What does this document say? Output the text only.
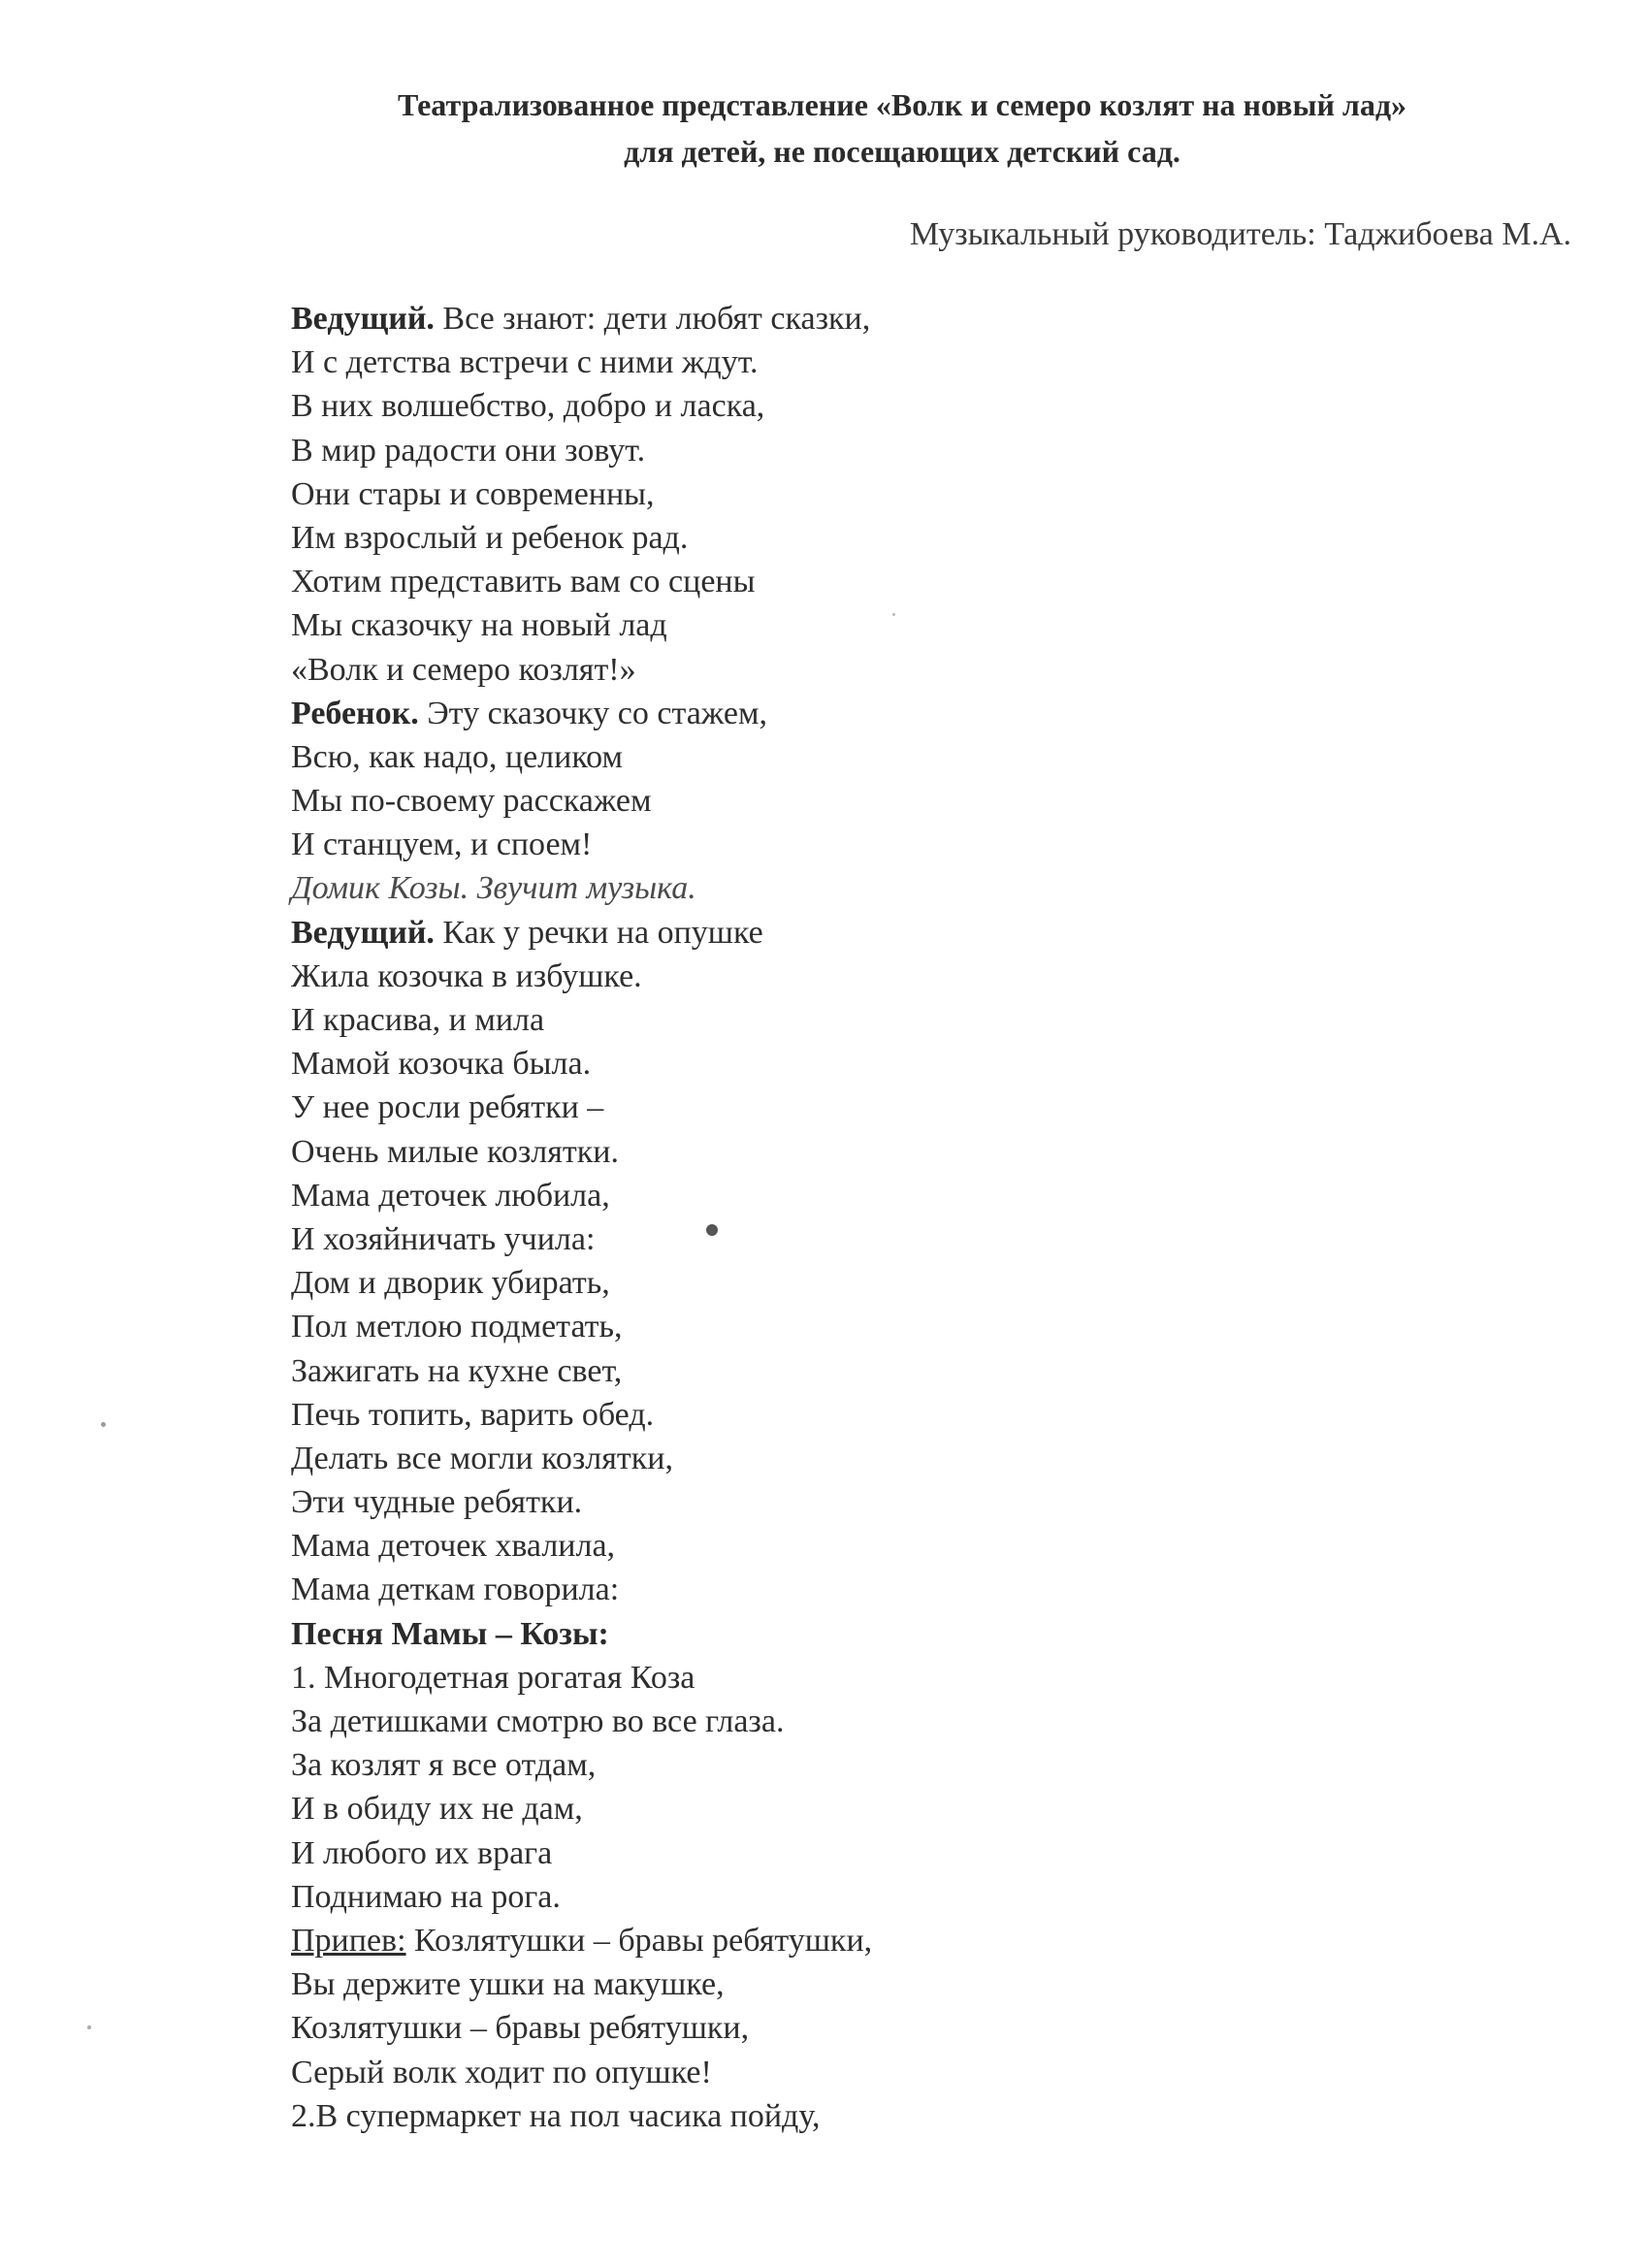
Театрализованное представление «Волк и семеро козлят на новый лад»
для детей, не посещающих детский сад.
Музыкальный руководитель: Таджибоева М.А.
Ведущий. Все знают: дети любят сказки,
И с детства встречи с ними ждут.
В них волшебство, добро и ласка,
В мир радости они зовут.
Они стары и современны,
Им взрослый и ребенок рад.
Хотим представить вам со сцены
Мы сказочку на новый лад
«Волк и семеро козлят!»
Ребенок. Эту сказочку со стажем,
Всю, как надо, целиком
Мы по-своему расскажем
И станцуем, и споем!
Домик Козы. Звучит музыка.
Ведущий. Как у речки на опушке
Жила козочка в избушке.
И красива, и мила
Мамой козочка была.
У нее росли ребятки –
Очень милые козлятки.
Мама деточек любила,
И хозяйничать учила:
Дом и дворик убирать,
Пол метлою подметать,
Зажигать на кухне свет,
Печь топить, варить обед.
Делать все могли козлятки,
Эти чудные ребятки.
Мама деточек хвалила,
Мама деткам говорила:
Песня Мамы – Козы:
1. Многодетная рогатая Коза
За детишками смотрю во все глаза.
За козлят я все отдам,
И в обиду их не дам,
И любого их врага
Поднимаю на рога.
Припев: Козлятушки – бравы ребятушки,
Вы держите ушки на макушке,
Козлятушки – бравы ребятушки,
Серый волк ходит по опушке!
2.В супермаркет на пол часика пойду,
